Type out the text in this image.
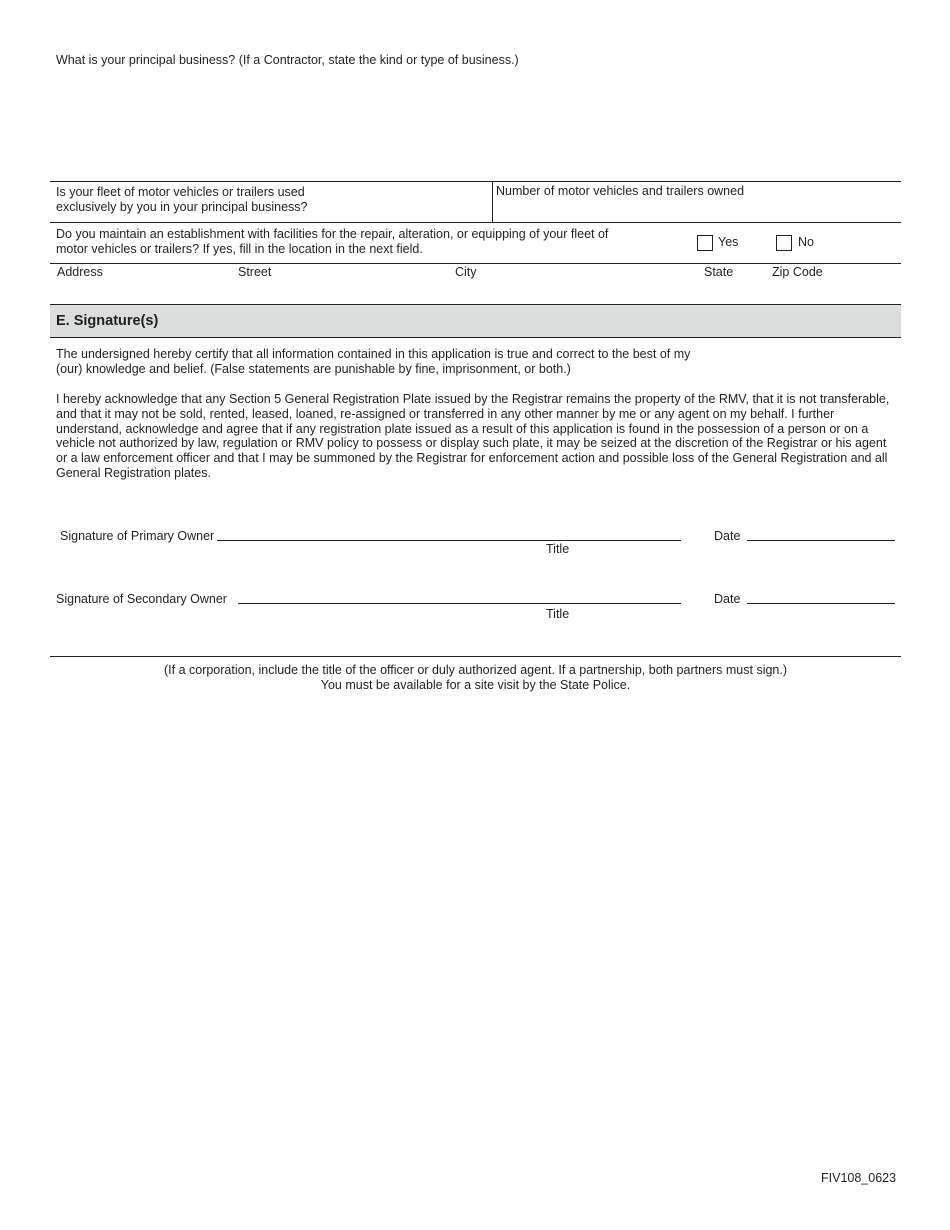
What is your principal business? (If a Contractor, state the kind or type of business.)
Is your fleet of motor vehicles or trailers used
exclusively by you in your principal business?
Number of motor vehicles and trailers owned
Do you maintain an establishment with facilities for the repair, alteration, or equipping of your fleet of
motor vehicles or trailers? If yes, fill in the location in the next field.	Yes	No
Address	Street	City	State	Zip Code
E. Signature(s)
The undersigned hereby certify that all information contained in this application is true and correct to the best of my
(our) knowledge and belief. (False statements are punishable by fine, imprisonment, or both.)
I hereby acknowledge that any Section 5 General Registration Plate issued by the Registrar remains the property of the RMV, that it is not transferable,
and that it may not be sold, rented, leased, loaned, re-assigned or transferred in any other manner by me or any agent on my behalf. I further
understand, acknowledge and agree that if any registration plate issued as a result of this application is found in the possession of a person or on a
vehicle not authorized by law, regulation or RMV policy to possess or display such plate, it may be seized at the discretion of the Registrar or his agent
or a law enforcement officer and that I may be summoned by the Registrar for enforcement action and possible loss of the General Registration and all
General Registration plates.
Signature of Primary Owner
Title
Date
Signature of Secondary Owner
Title
Date
(If a corporation, include the title of the officer or duly authorized agent. If a partnership, both partners must sign.)
You must be available for a site visit by the State Police.
FIV108_0623
